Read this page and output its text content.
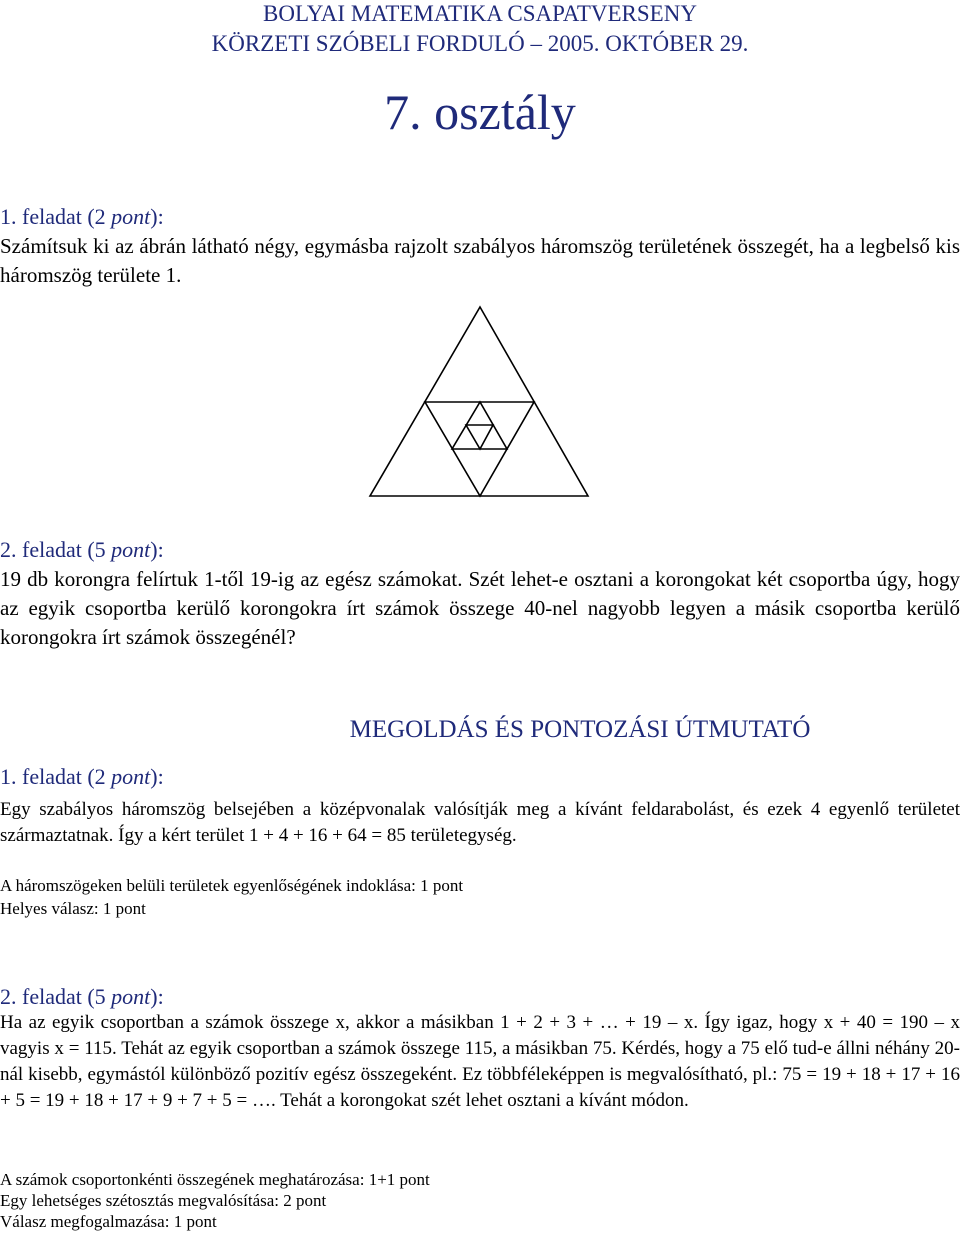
BOLYAI MATEMATIKA CSAPATVERSENY
KÖRZETI SZÓBELI FORDULÓ – 2005. OKTÓBER 29.
7. osztály
1. feladat (2 pont):
Számítsuk ki az ábrán látható négy, egymásba rajzolt szabályos háromszög területének összegét, ha a legbelső kis háromszög területe 1.
2. feladat (5 pont):
19 db korongra felírtuk 1-től 19-ig az egész számokat. Szét lehet-e osztani a korongokat két csoportba úgy, hogy az egyik csoportba kerülő korongokra írt számok összege 40-nel nagyobb legyen a másik csoportba kerülő korongokra írt számok összegénél?
MEGOLDÁS ÉS PONTOZÁSI ÚTMUTATÓ
1. feladat (2 pont):
Egy szabályos háromszög belsejében a középvonalak valósítják meg a kívánt feldarabolást, és ezek 4 egyenlő területet származtatnak. Így a kért terület 1 + 4 + 16 + 64 = 85 területegység.
A háromszögeken belüli területek egyenlőségének indoklása: 1 pont
Helyes válasz: 1 pont
2. feladat (5 pont):
Ha az egyik csoportban a számok összege x, akkor a másikban 1 + 2 + 3 + … + 19 – x. Így igaz, hogy x + 40 = 190 – x vagyis x = 115. Tehát az egyik csoportban a számok összege 115, a másikban 75. Kérdés, hogy a 75 elő tud-e állni néhány 20-nál kisebb, egymástól különböző pozitív egész összegeként. Ez többféleképpen is megvalósítható, pl.: 75 = 19 + 18 + 17 + 16 + 5 = 19 + 18 + 17 + 9 + 7 + 5 = …. Tehát a korongokat szét lehet osztani a kívánt módon.
A számok csoportonkénti összegének meghatározása: 1+1 pont
Egy lehetséges szétosztás megvalósítása: 2 pont
Válasz megfogalmazása: 1 pont
